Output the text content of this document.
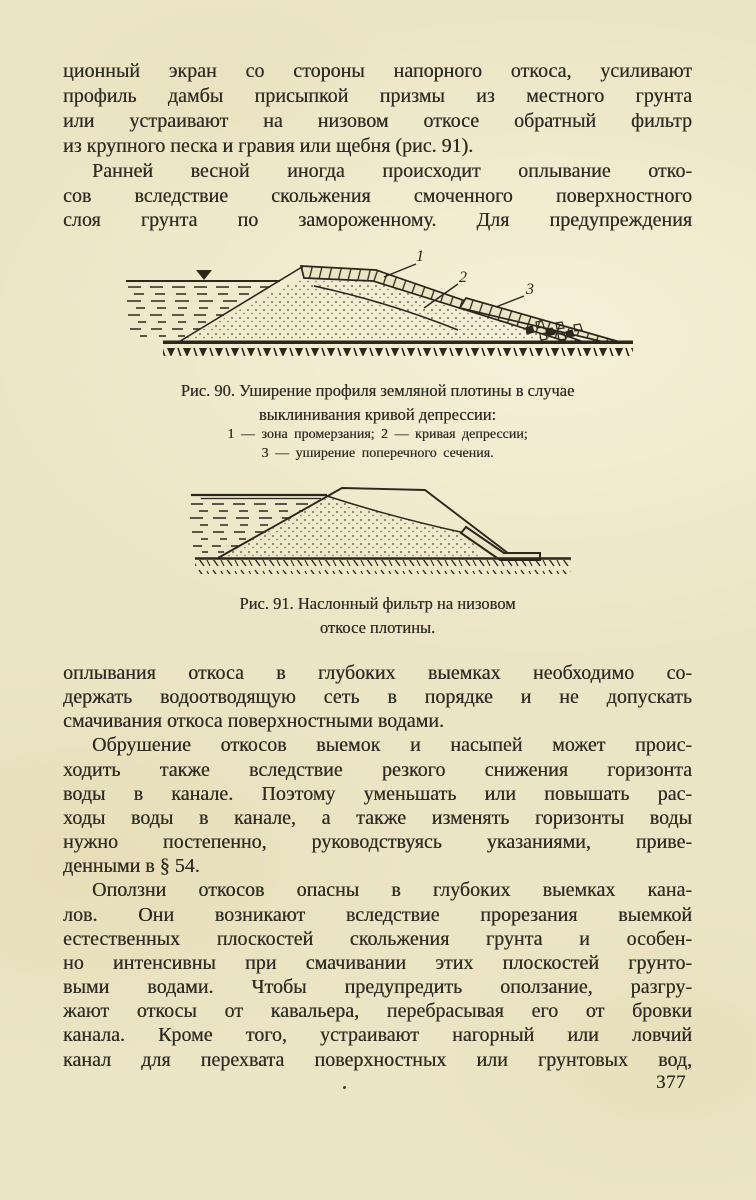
ционный экран со стороны напорного откоса, усиливают
профиль дамбы присыпкой призмы из местного грунта
или устраивают на низовом откосе обратный фильтр
из крупного песка и гравия или щебня (рис. 91).
Ранней весной иногда происходит оплывание отко-
сов вследствие скольжения смоченного поверхностного
слоя грунта по замороженному. Для предупреждения
1
2
3
Рис. 90. Уширение профиля земляной плотины в случае
выклинивания кривой депрессии:
1 — зона промерзания; 2 — кривая депрессии;
3 — уширение поперечного сечения.
Рис. 91. Наслонный фильтр на низовом
откосе плотины.
оплывания откоса в глубоких выемках необходимо со-
держать водоотводящую сеть в порядке и не допускать
смачивания откоса поверхностными водами.
Обрушение откосов выемок и насыпей может проис-
ходить также вследствие резкого снижения горизонта
воды в канале. Поэтому уменьшать или повышать рас-
ходы воды в канале, а также изменять горизонты воды
нужно постепенно, руководствуясь указаниями, приве-
денными в § 54.
Оползни откосов опасны в глубоких выемках кана-
лов. Они возникают вследствие прорезания выемкой
естественных плоскостей скольжения грунта и особен-
но интенсивны при смачивании этих плоскостей грунто-
выми водами. Чтобы предупредить оползание, разгру-
жают откосы от кавальера, перебрасывая его от бровки
канала. Кроме того, устраивают нагорный или ловчий
канал для перехвата поверхностных или грунтовых вод,
377
